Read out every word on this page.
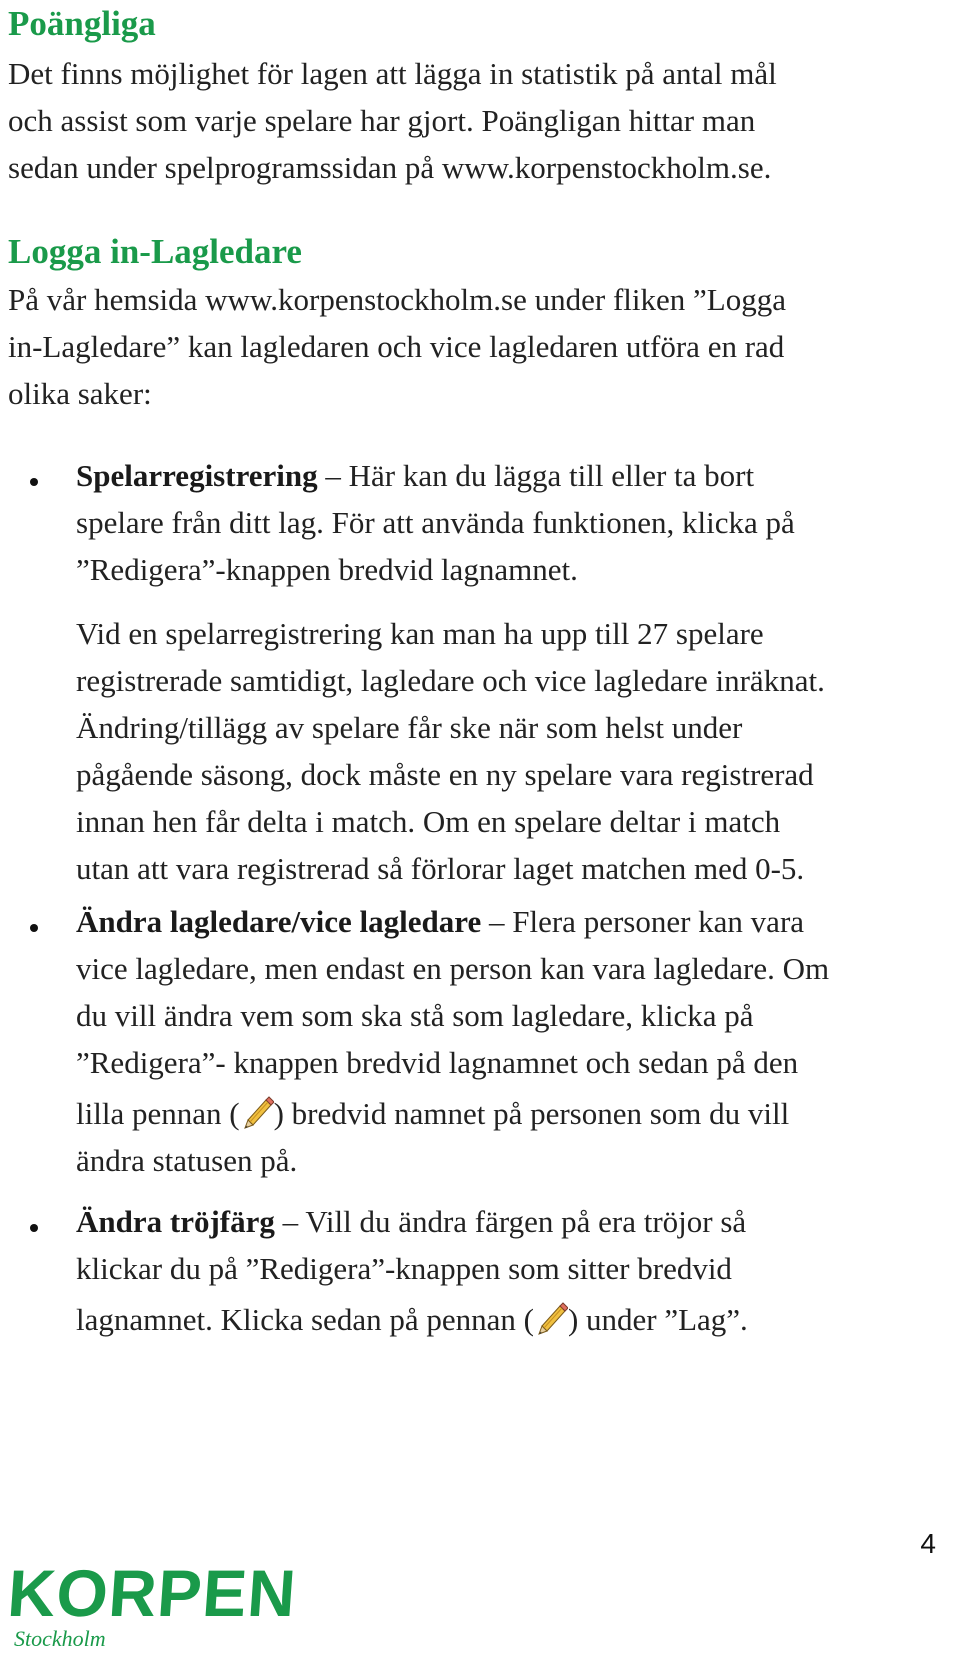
Poängliga

Det finns möjlighet för lagen att lägga in statistik på antal mål
och assist som varje spelare har gjort. Poängligan hittar man
sedan under spelprogramssidan på www.korpenstockholm.se.

Logga in-Lagledare

På vår hemsida www.korpenstockholm.se under fliken ”Logga
in-Lagledare” kan lagledaren och vice lagledaren utföra en rad
olika saker:

Spelarregistrering – Här kan du lägga till eller ta bort
spelare från ditt lag. För att använda funktionen, klicka på
”Redigera”-knappen bredvid lagnamnet.

Vid en spelarregistrering kan man ha upp till 27 spelare
registrerade samtidigt, lagledare och vice lagledare inräknat.
Ändring/tillägg av spelare får ske när som helst under
pågående säsong, dock måste en ny spelare vara registrerad
innan hen får delta i match. Om en spelare deltar i match
utan att vara registrerad så förlorar laget matchen med 0-5.

Ändra lagledare/vice lagledare – Flera personer kan vara
vice lagledare, men endast en person kan vara lagledare. Om
du vill ändra vem som ska stå som lagledare, klicka på
”Redigera”- knappen bredvid lagnamnet och sedan på den
lilla pennan ( ) bredvid namnet på personen som du vill
ändra statusen på.

Ändra tröjfärg – Vill du ändra färgen på era tröjor så
klickar du på ”Redigera”-knappen som sitter bredvid
lagnamnet. Klicka sedan på pennan ( ) under ”Lag”.

4
KORPEN
Stockholm
